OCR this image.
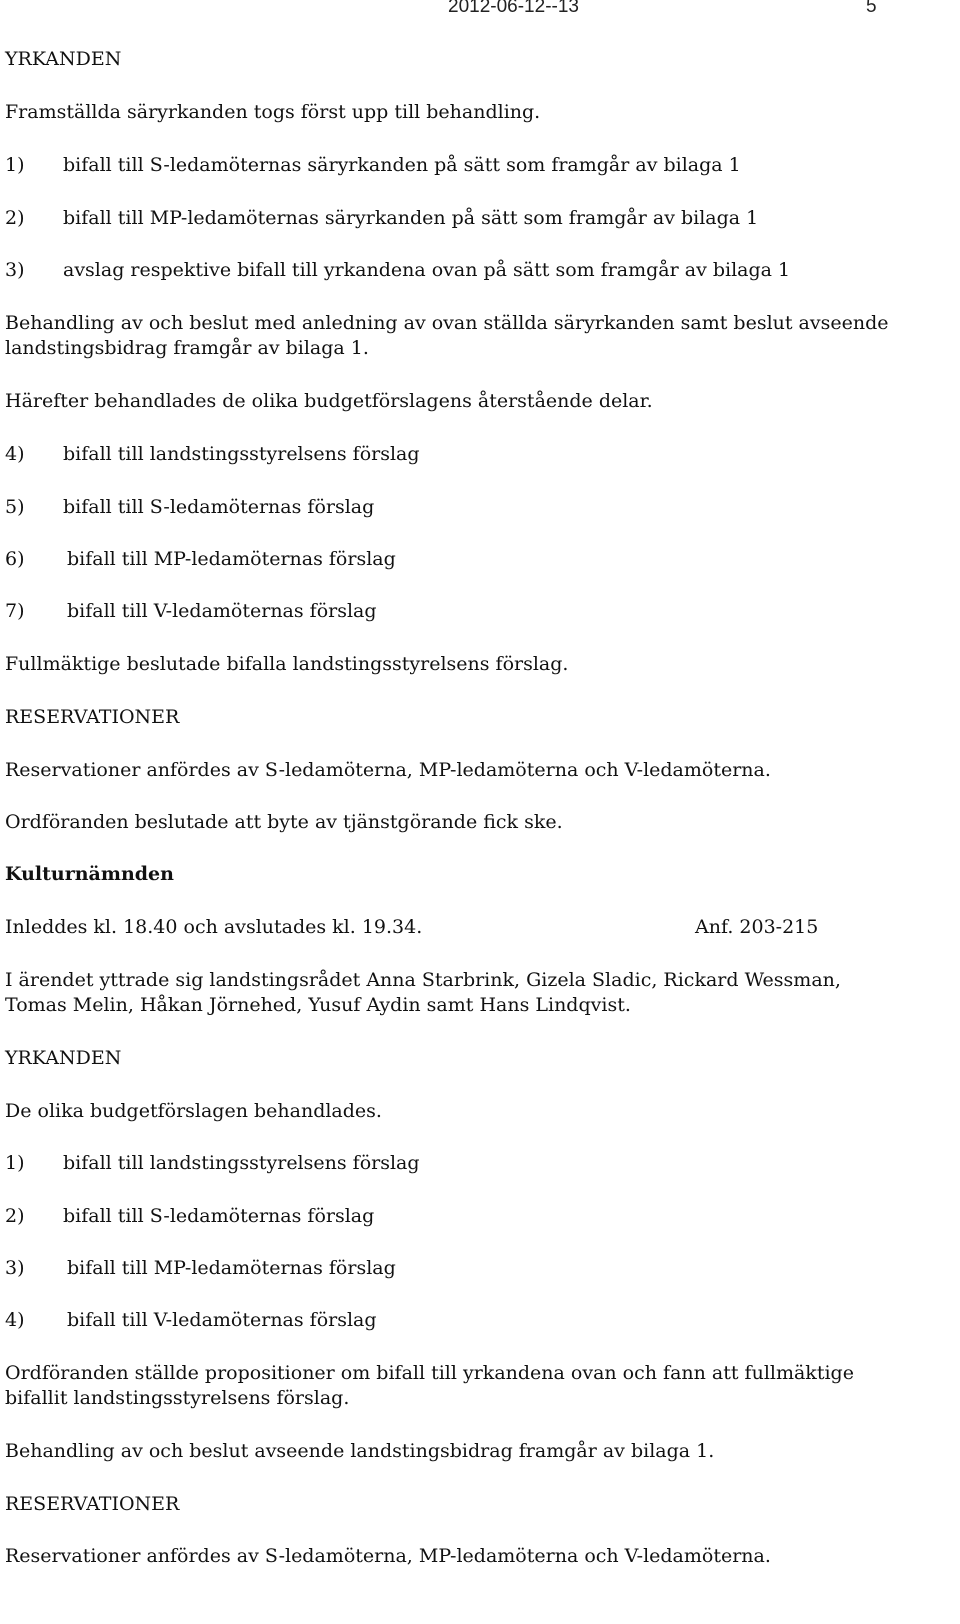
2012-06-12--13	5
YRKANDEN
Framställda säryrkanden togs först upp till behandling.
1) bifall till S-ledamöternas säryrkanden på sätt som framgår av bilaga 1
2) bifall till MP-ledamöternas säryrkanden på sätt som framgår av bilaga 1
3) avslag respektive bifall till yrkandena ovan på sätt som framgår av bilaga 1
Behandling av och beslut med anledning av ovan ställda säryrkanden samt beslut avseende
landstingsbidrag framgår av bilaga 1.
Härefter behandlades de olika budgetförslagens återstående delar.
4) bifall till landstingsstyrelsens förslag
5) bifall till S-ledamöternas förslag
6) bifall till MP-ledamöternas förslag
7) bifall till V-ledamöternas förslag
Fullmäktige beslutade bifalla landstingsstyrelsens förslag.
RESERVATIONER
Reservationer anfördes av S-ledamöterna, MP-ledamöterna och V-ledamöterna.
Ordföranden beslutade att byte av tjänstgörande fick ske.
Kulturnämnden
Inleddes kl. 18.40 och avslutades kl. 19.34.	Anf. 203-215
I ärendet yttrade sig landstingsrådet Anna Starbrink, Gizela Sladic, Rickard Wessman,
Tomas Melin, Håkan Jörnehed, Yusuf Aydin samt Hans Lindqvist.
YRKANDEN
De olika budgetförslagen behandlades.
1) bifall till landstingsstyrelsens förslag
2) bifall till S-ledamöternas förslag
3) bifall till MP-ledamöternas förslag
4) bifall till V-ledamöternas förslag
Ordföranden ställde propositioner om bifall till yrkandena ovan och fann att fullmäktige
bifallit landstingsstyrelsens förslag.
Behandling av och beslut avseende landstingsbidrag framgår av bilaga 1.
RESERVATIONER
Reservationer anfördes av S-ledamöterna, MP-ledamöterna och V-ledamöterna.
